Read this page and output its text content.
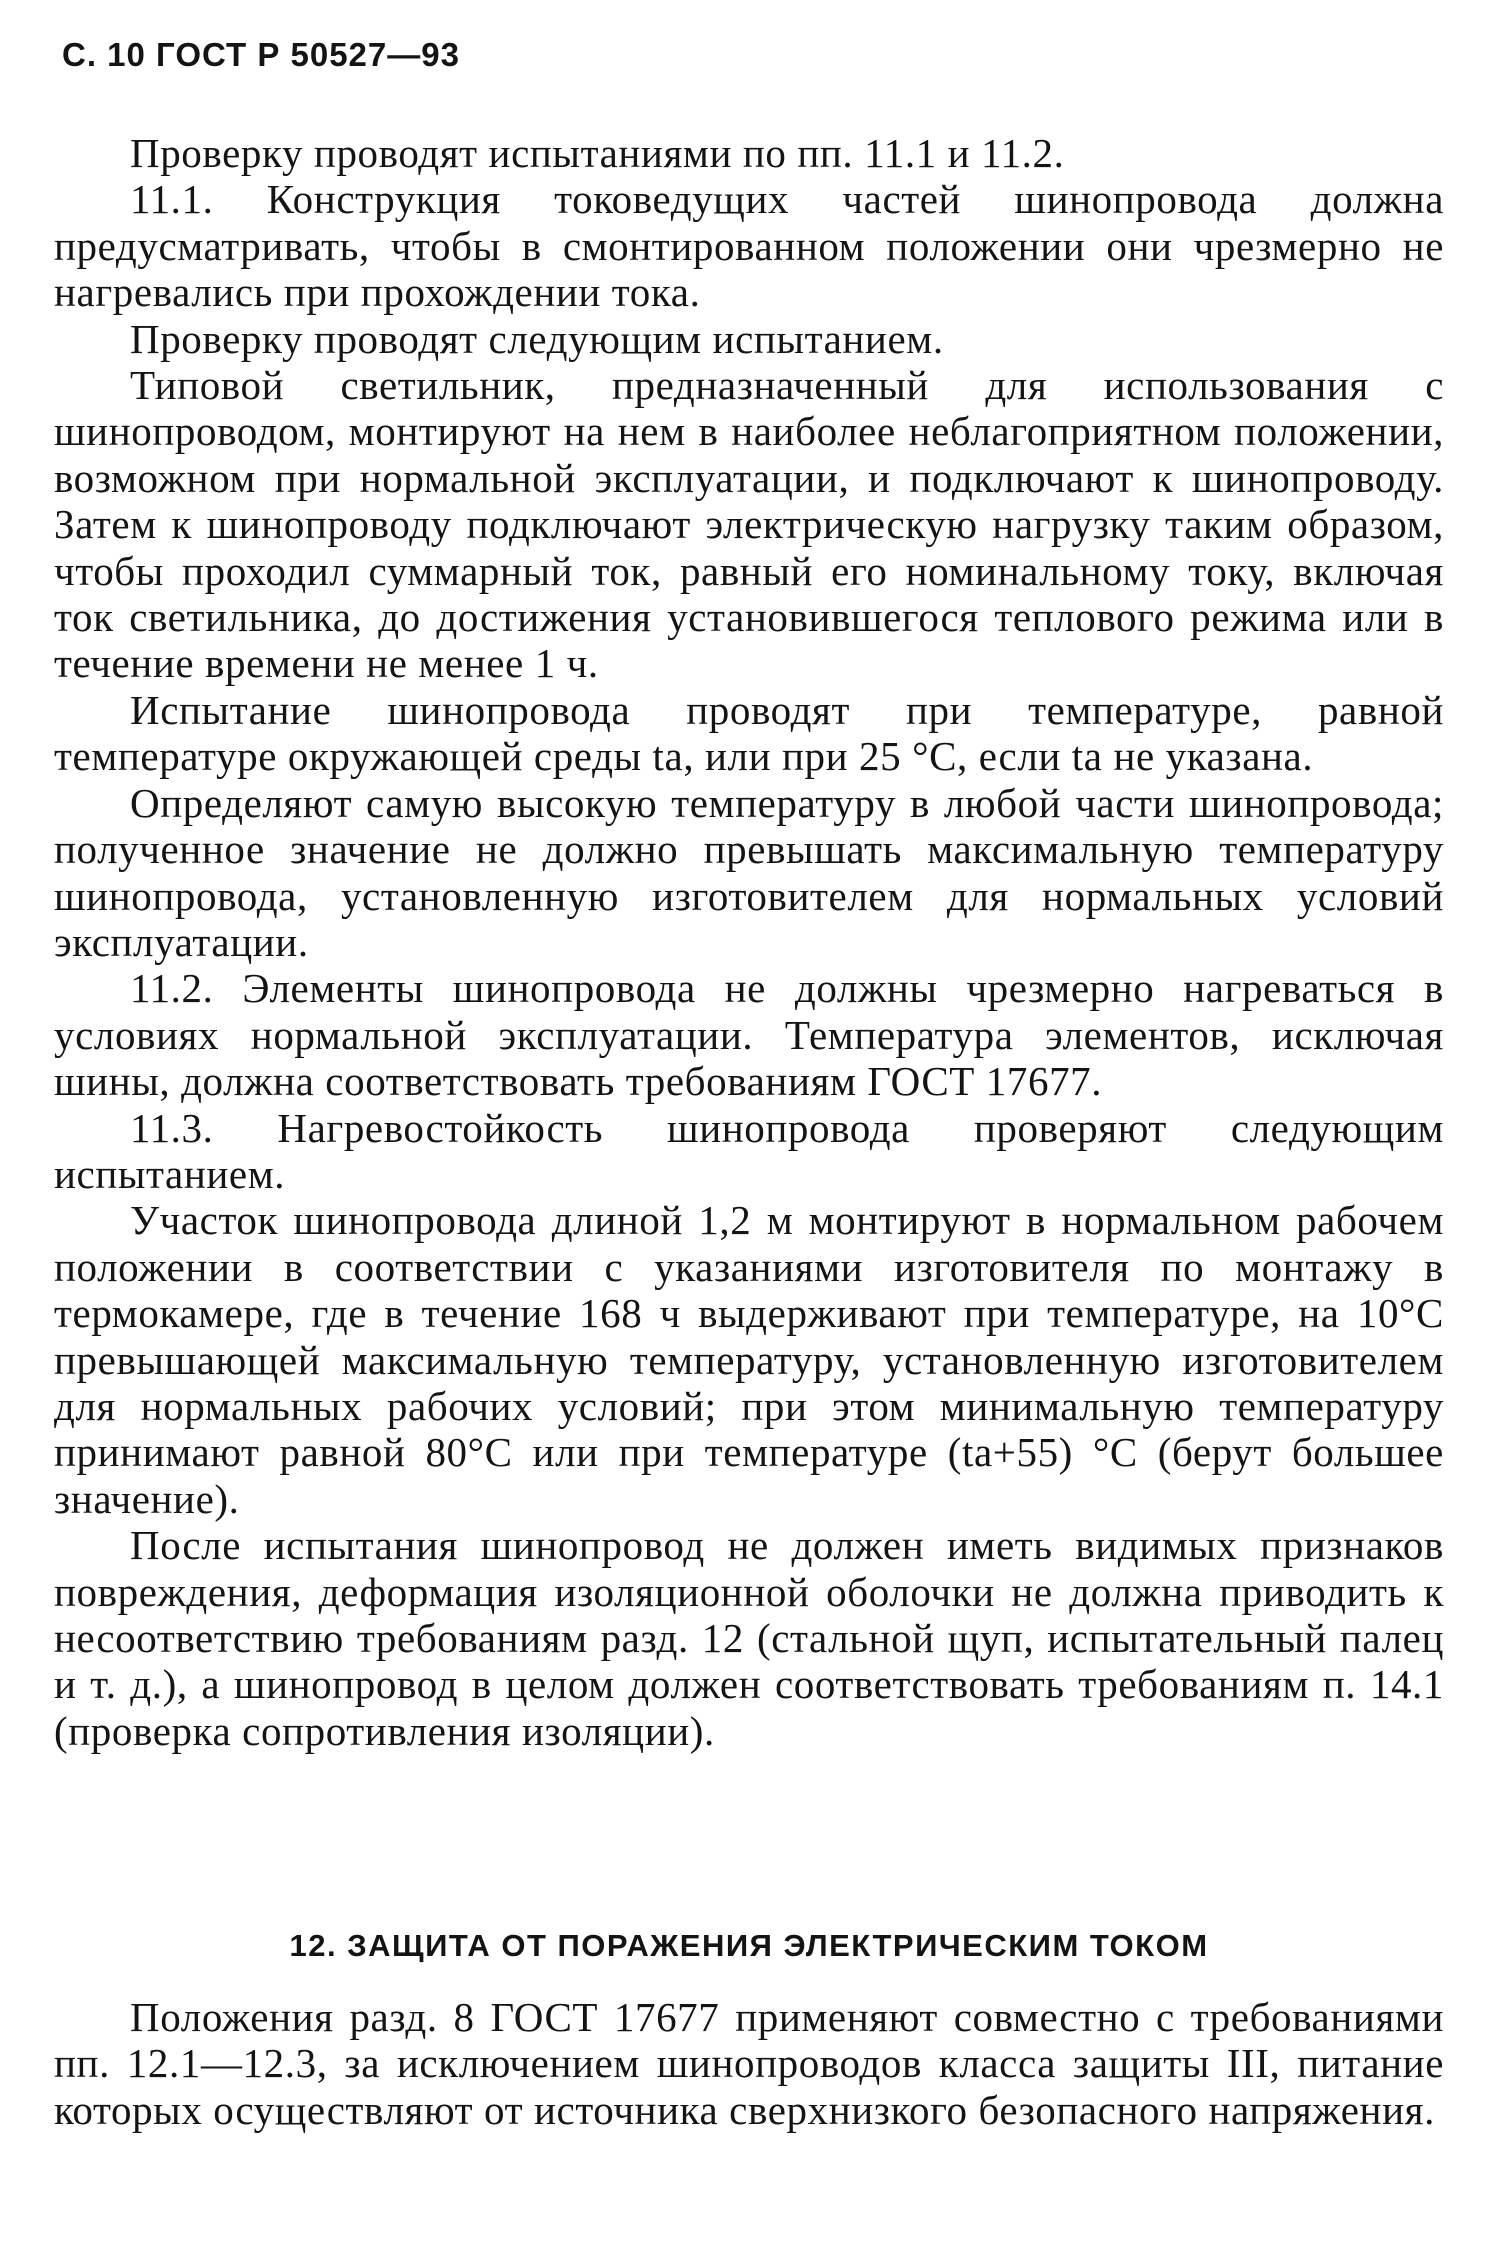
С. 10 ГОСТ Р 50527—93

Проверку проводят испытаниями по пп. 11.1 и 11.2.

11.1. Конструкция токоведущих частей шинопровода должна предусматривать, чтобы в смонтированном положении они чрезмерно не нагревались при прохождении тока.

Проверку проводят следующим испытанием.

Типовой светильник, предназначенный для использования с шинопроводом, монтируют на нем в наиболее неблагоприятном положении, возможном при нормальной эксплуатации, и подключают к шинопроводу. Затем к шинопроводу подключают электрическую нагрузку таким образом, чтобы проходил суммарный ток, равный его номинальному току, включая ток светильника, до достижения установившегося теплового режима или в течение времени не менее 1 ч.

Испытание шинопровода проводят при температуре, равной температуре окружающей среды tа, или при 25 °С, если tа не указана.

Определяют самую высокую температуру в любой части шинопровода; полученное значение не должно превышать максимальную температуру шинопровода, установленную изготовителем для нормальных условий эксплуатации.

11.2. Элементы шинопровода не должны чрезмерно нагреваться в условиях нормальной эксплуатации. Температура элементов, исключая шины, должна соответствовать требованиям ГОСТ 17677.

11.3. Нагревостойкость шинопровода проверяют следующим испытанием.

Участок шинопровода длиной 1,2 м монтируют в нормальном рабочем положении в соответствии с указаниями изготовителя по монтажу в термокамере, где в течение 168 ч выдерживают при температуре, на 10°С превышающей максимальную температуру, установленную изготовителем для нормальных рабочих условий; при этом минимальную температуру принимают равной 80°С или при температуре (tа+55) °С (берут большее значение).

После испытания шинопровод не должен иметь видимых признаков повреждения, деформация изоляционной оболочки не должна приводить к несоответствию требованиям разд. 12 (стальной щуп, испытательный палец и т. д.), а шинопровод в целом должен соответствовать требованиям п. 14.1 (проверка сопротивления изоляции).

12. ЗАЩИТА ОТ ПОРАЖЕНИЯ ЭЛЕКТРИЧЕСКИМ ТОКОМ

Положения разд. 8 ГОСТ 17677 применяют совместно с требованиями пп. 12.1—12.3, за исключением шинопроводов класса защиты III, питание которых осуществляют от источника сверхнизкого безопасного напряжения.
